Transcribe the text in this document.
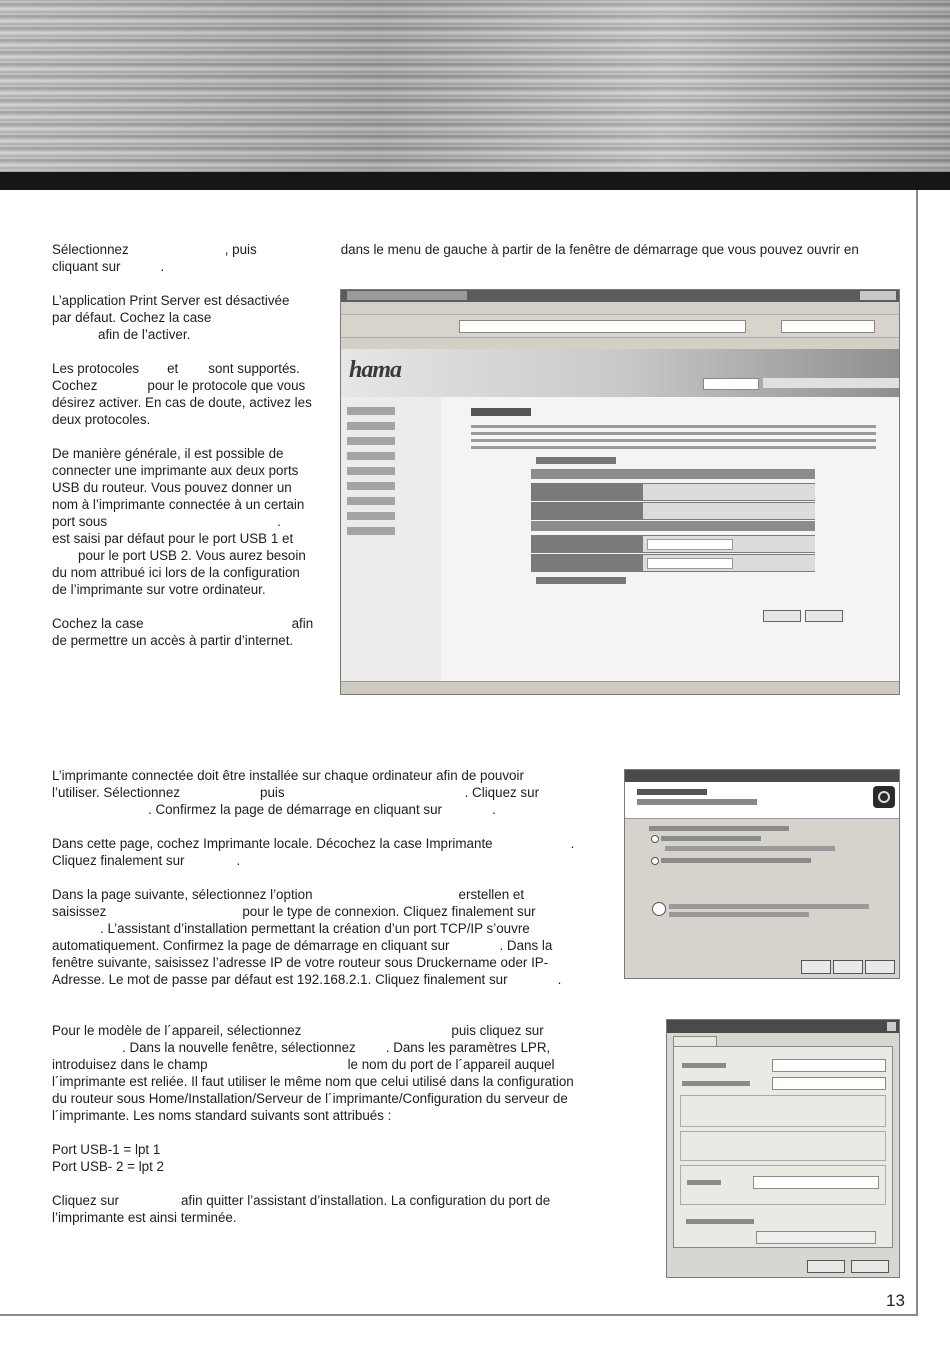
Sélectionnez	, puis	dans le menu de gauche à partir de la fenêtre de démarrage que vous pouvez ouvrir en
cliquant sur	.

L’application Print Server est désactivée
par défaut. Cochez la case
afin de l’activer.

Les protocoles et sont supportés.
Cochez	pour le protocole que vous
désirez activer. En cas de doute, activez les
deux protocoles.

De manière générale, il est possible de
connecter une imprimante aux deux ports
USB du routeur. Vous pouvez donner un
nom à l’imprimante connectée à un certain
port sous	.
est saisi par défaut pour le port USB 1 et
pour le port USB 2. Vous aurez besoin
du nom attribué ici lors de la configuration
de l’imprimante sur votre ordinateur.

Cochez la case	afin
de permettre un accès à partir d’internet.

hama

L’imprimante connectée doit être installée sur chaque ordinateur afin de pouvoir
l’utiliser. Sélectionnez	puis	. Cliquez sur
. Confirmez la page de démarrage en cliquant sur	.

Dans cette page, cochez Imprimante locale. Décochez la case Imprimante	.
Cliquez finalement sur	.

Dans la page suivante, sélectionnez l’option	erstellen et
saisissez	pour le type de connexion. Cliquez finalement sur
. L’assistant d’installation permettant la création d’un port TCP/IP s’ouvre
automatiquement. Confirmez la page de démarrage en cliquant sur	. Dans la
fenêtre suivante, saisissez l’adresse IP de votre routeur sous Druckername oder IP-
Adresse. Le mot de passe par défaut est 192.168.2.1. Cliquez finalement sur	.

Pour le modèle de l´appareil, sélectionnez	puis cliquez sur
. Dans la nouvelle fenêtre, sélectionnez . Dans les paramètres LPR,
introduisez dans le champ	le nom du port de l´appareil auquel
l´imprimante est reliée. Il faut utiliser le même nom que celui utilisé dans la configuration
du routeur sous Home/Installation/Serveur de l´imprimante/Configuration du serveur de
l´imprimante. Les noms standard suivants sont attribués :

Port USB-1 = lpt 1
Port USB- 2 = lpt 2

Cliquez sur	afin quitter l’assistant d’installation. La configuration du port de
l’imprimante est ainsi terminée.

13
